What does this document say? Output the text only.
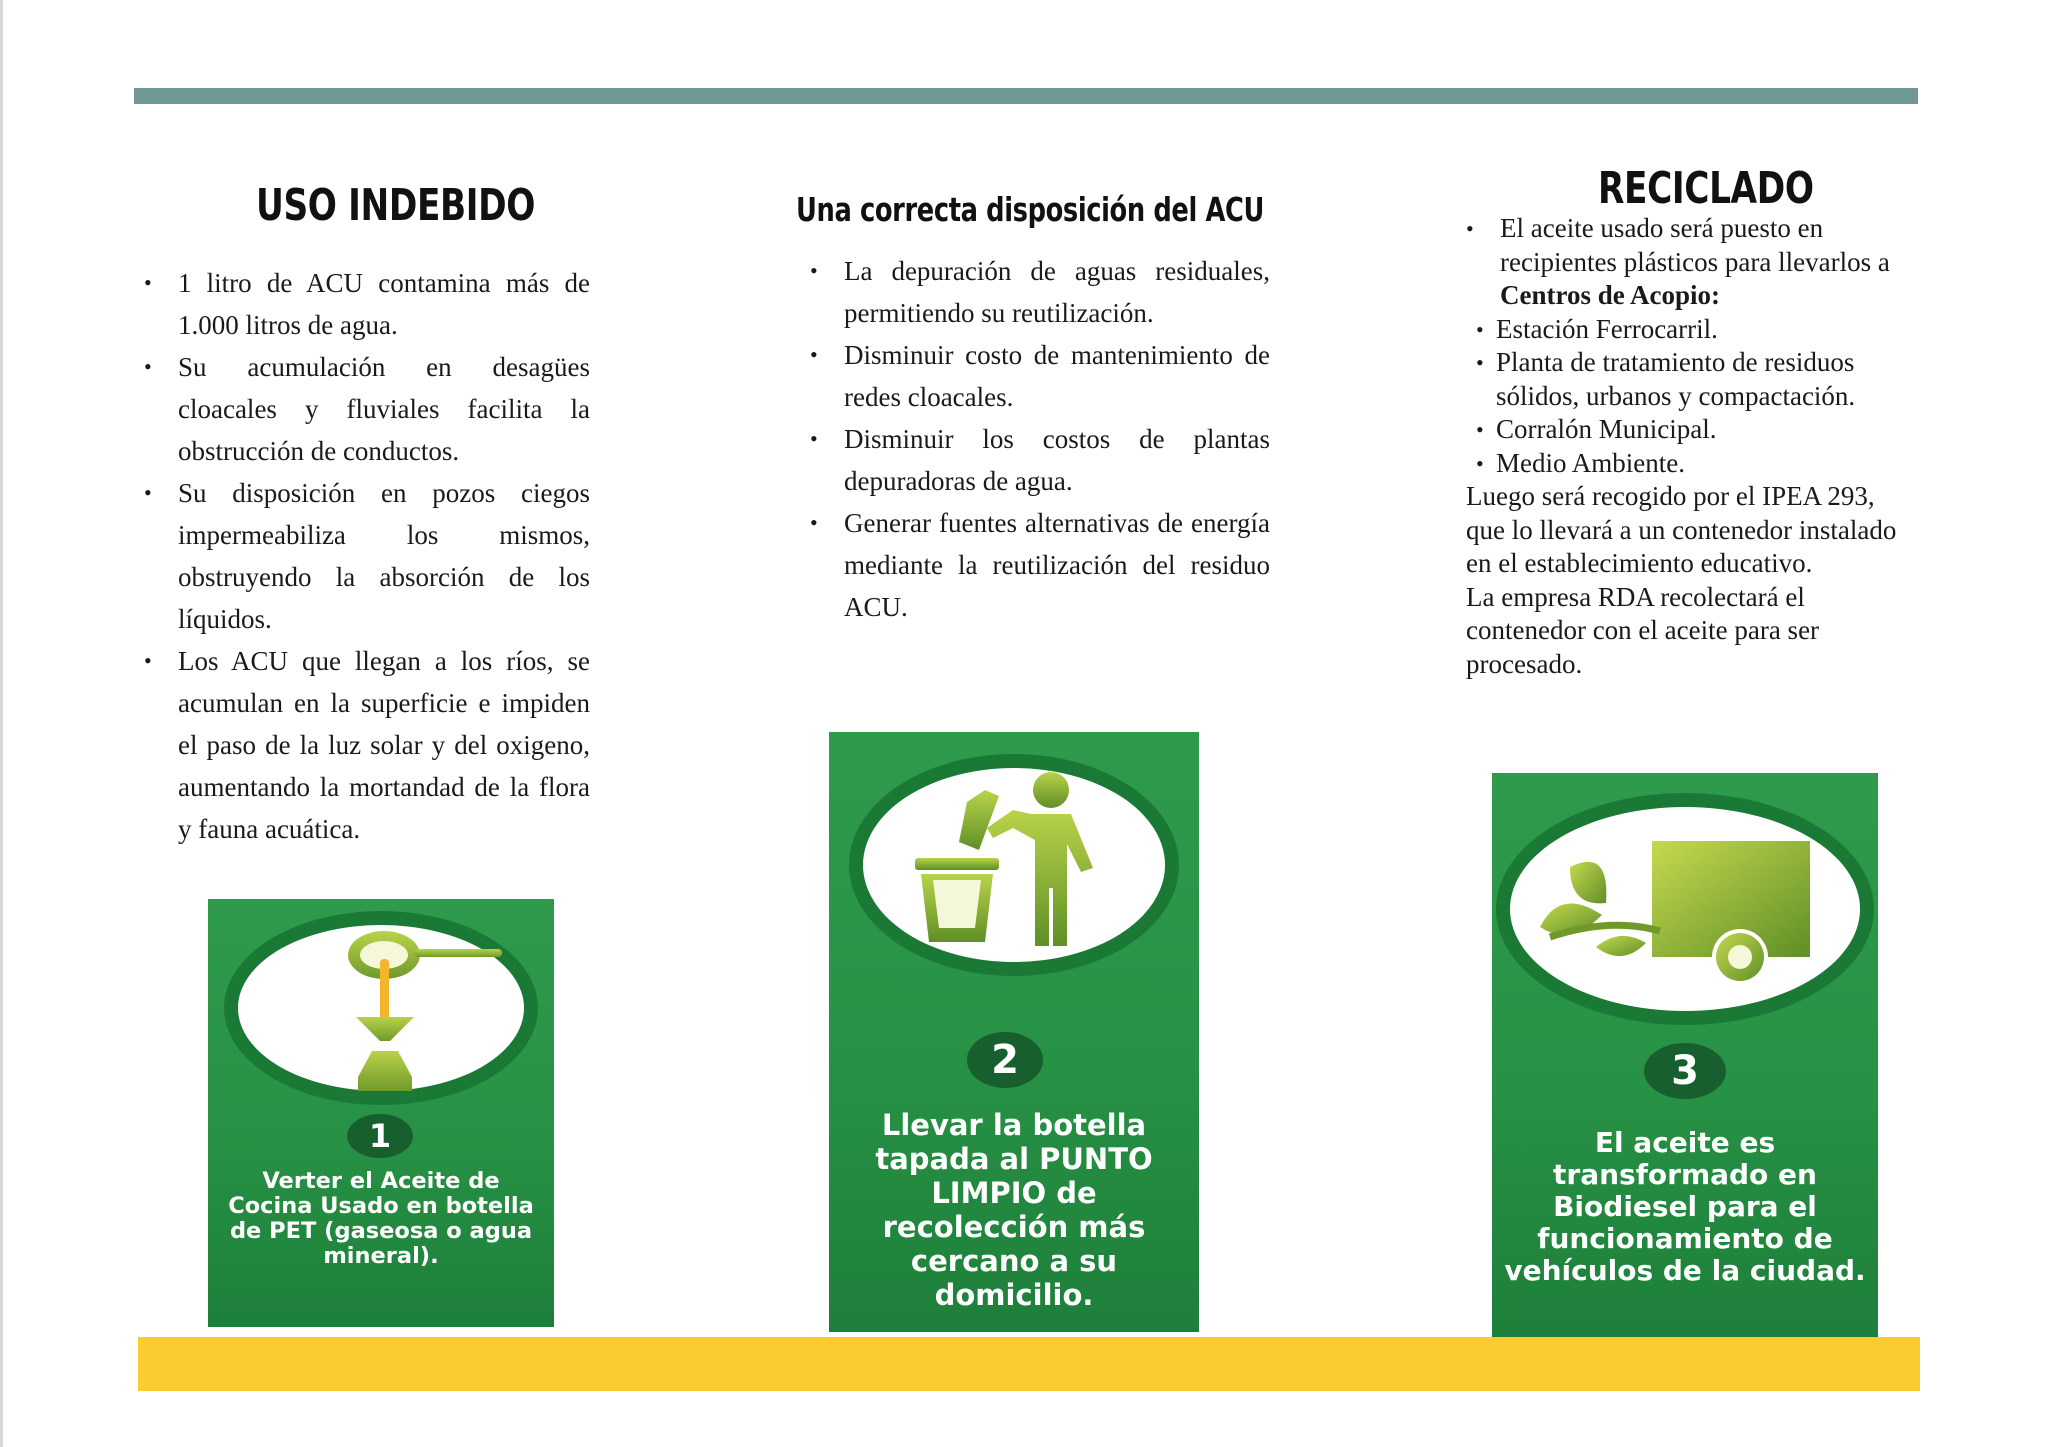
USO INDEBIDO
• 1 litro de ACU contamina más de 1.000 litros de agua.
• Su acumulación en desagües cloacales y fluviales facilita la obstrucción de conductos.
• Su disposición en pozos ciegos impermeabiliza los mismos, obstruyendo la absorción de los líquidos.
• Los ACU que llegan a los ríos, se acumulan en la superficie e impiden el paso de la luz solar y del oxigeno, aumentando la mortandad de la flora y fauna acuática.
Una correcta disposición del ACU
• La depuración de aguas residuales, permitiendo su reutilización.
• Disminuir costo de mantenimiento de redes cloacales.
• Disminuir los costos de plantas depuradoras de agua.
• Generar fuentes alternativas de energía mediante la reutilización del residuo ACU.
RECICLADO
• El aceite usado será puesto en recipientes plásticos para llevarlos a Centros de Acopio:
• Estación Ferrocarril.
• Planta de tratamiento de residuos sólidos, urbanos y compactación.
• Corralón Municipal.
• Medio Ambiente.

Luego será recogido por el IPEA 293, que lo llevará a un contenedor instalado en el establecimiento educativo.

La empresa RDA recolectará el contenedor con el aceite para ser procesado.

1
Verter el Aceite de Cocina Usado en botella de PET (gaseosa o agua mineral).
2
Llevar la botella tapada al PUNTO LIMPIO de recolección más cercano a su domicilio.
3
El aceite es transformado en Biodiesel para el funcionamiento de vehículos de la ciudad.
